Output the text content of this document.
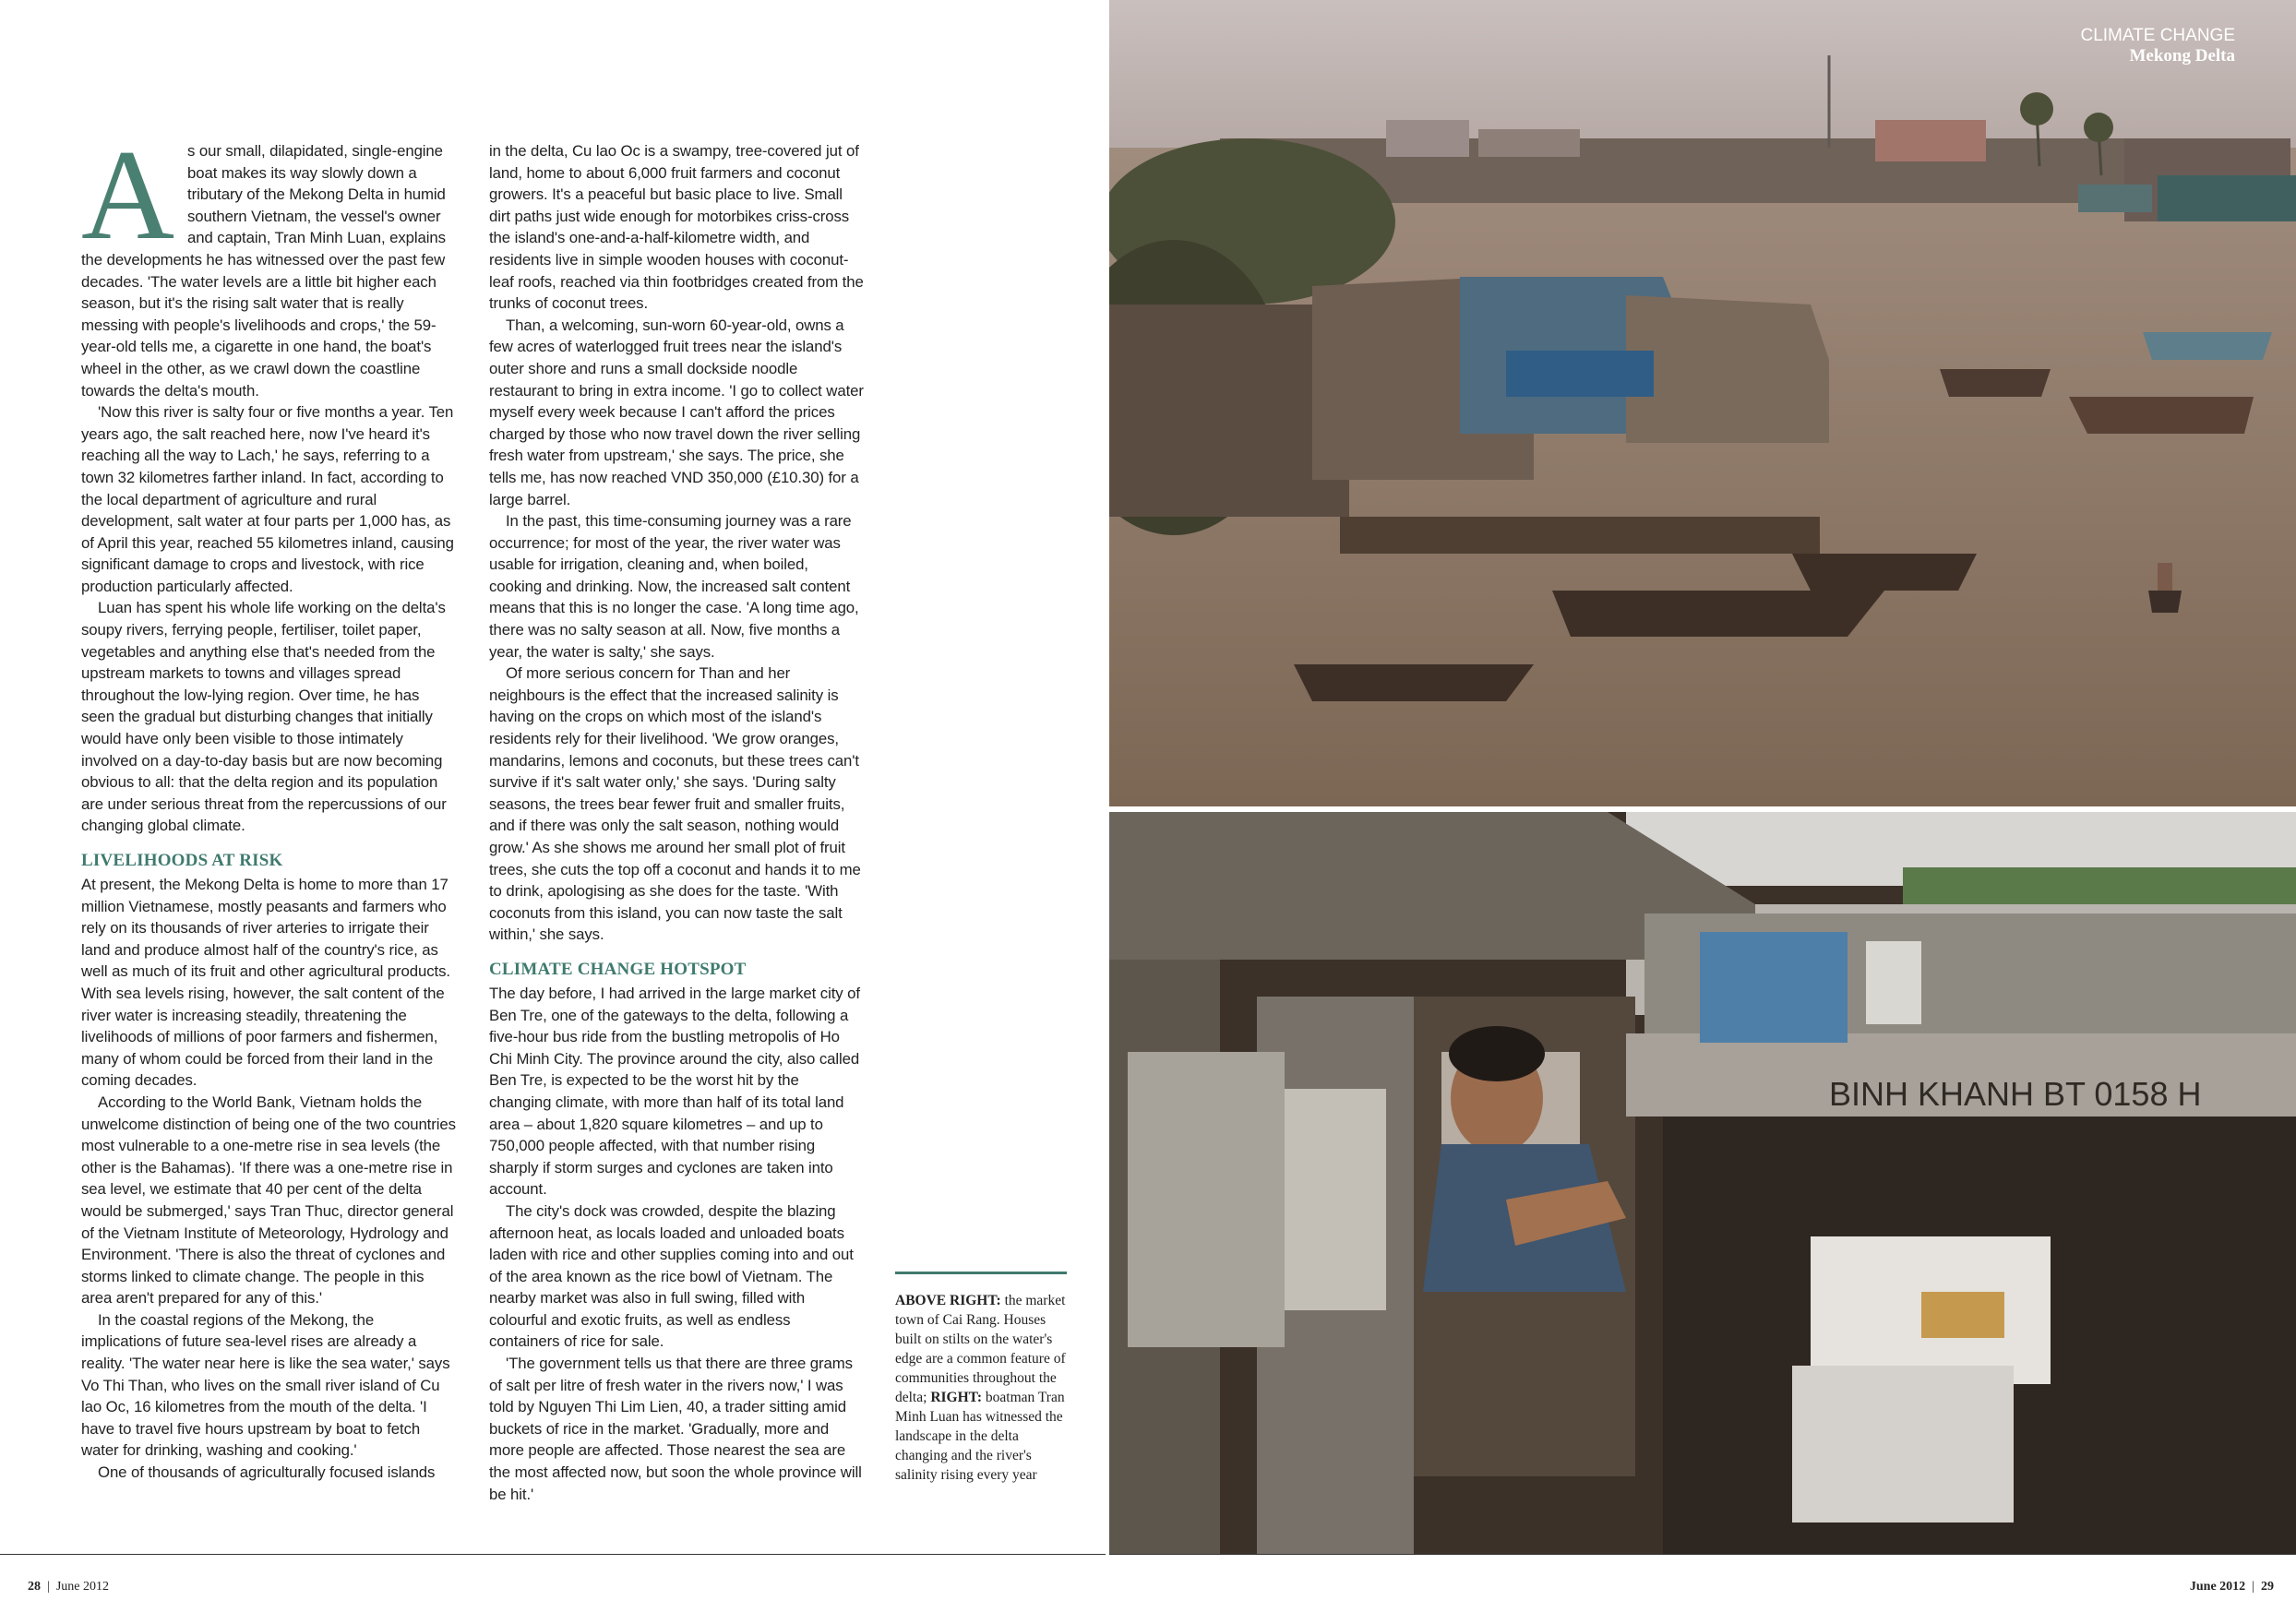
A s our small, dilapidated, single-engine boat makes its way slowly down a tributary of the Mekong Delta in humid southern Vietnam, the vessel's owner and captain, Tran Minh Luan, explains the developments he has witnessed over the past few decades. 'The water levels are a little bit higher each season, but it's the rising salt water that is really messing with people's livelihoods and crops,' the 59-year-old tells me, a cigarette in one hand, the boat's wheel in the other, as we crawl down the coastline towards the delta's mouth.

'Now this river is salty four or five months a year. Ten years ago, the salt reached here, now I've heard it's reaching all the way to Lach,' he says, referring to a town 32 kilometres farther inland. In fact, according to the local department of agriculture and rural development, salt water at four parts per 1,000 has, as of April this year, reached 55 kilometres inland, causing significant damage to crops and livestock, with rice production particularly affected.

Luan has spent his whole life working on the delta's soupy rivers, ferrying people, fertiliser, toilet paper, vegetables and anything else that's needed from the upstream markets to towns and villages spread throughout the low-lying region. Over time, he has seen the gradual but disturbing changes that initially would have only been visible to those intimately involved on a day-to-day basis but are now becoming obvious to all: that the delta region and its population are under serious threat from the repercussions of our changing global climate.

LIVELIHOODS AT RISK

At present, the Mekong Delta is home to more than 17 million Vietnamese, mostly peasants and farmers who rely on its thousands of river arteries to irrigate their land and produce almost half of the country's rice, as well as much of its fruit and other agricultural products. With sea levels rising, however, the salt content of the river water is increasing steadily, threatening the livelihoods of millions of poor farmers and fishermen, many of whom could be forced from their land in the coming decades.

According to the World Bank, Vietnam holds the unwelcome distinction of being one of the two countries most vulnerable to a one-metre rise in sea levels (the other is the Bahamas). 'If there was a one-metre rise in sea level, we estimate that 40 per cent of the delta would be submerged,' says Tran Thuc, director general of the Vietnam Institute of Meteorology, Hydrology and Environment. 'There is also the threat of cyclones and storms linked to climate change. The people in this area aren't prepared for any of this.'

In the coastal regions of the Mekong, the implications of future sea-level rises are already a reality. 'The water near here is like the sea water,' says Vo Thi Than, who lives on the small river island of Cu lao Oc, 16 kilometres from the mouth of the delta. 'I have to travel five hours upstream by boat to fetch water for drinking, washing and cooking.'

One of thousands of agriculturally focused islands

in the delta, Cu lao Oc is a swampy, tree-covered jut of land, home to about 6,000 fruit farmers and coconut growers. It's a peaceful but basic place to live. Small dirt paths just wide enough for motorbikes criss-cross the island's one-and-a-half-kilometre width, and residents live in simple wooden houses with coconut-leaf roofs, reached via thin footbridges created from the trunks of coconut trees.

Than, a welcoming, sun-worn 60-year-old, owns a few acres of waterlogged fruit trees near the island's outer shore and runs a small dockside noodle restaurant to bring in extra income. 'I go to collect water myself every week because I can't afford the prices charged by those who now travel down the river selling fresh water from upstream,' she says. The price, she tells me, has now reached VND 350,000 (£10.30) for a large barrel.

In the past, this time-consuming journey was a rare occurrence; for most of the year, the river water was usable for irrigation, cleaning and, when boiled, cooking and drinking. Now, the increased salt content means that this is no longer the case. 'A long time ago, there was no salty season at all. Now, five months a year, the water is salty,' she says.

Of more serious concern for Than and her neighbours is the effect that the increased salinity is having on the crops on which most of the island's residents rely for their livelihood. 'We grow oranges, mandarins, lemons and coconuts, but these trees can't survive if it's salt water only,' she says. 'During salty seasons, the trees bear fewer fruit and smaller fruits, and if there was only the salt season, nothing would grow.' As she shows me around her small plot of fruit trees, she cuts the top off a coconut and hands it to me to drink, apologising as she does for the taste. 'With coconuts from this island, you can now taste the salt within,' she says.

CLIMATE CHANGE HOTSPOT

The day before, I had arrived in the large market city of Ben Tre, one of the gateways to the delta, following a five-hour bus ride from the bustling metropolis of Ho Chi Minh City. The province around the city, also called Ben Tre, is expected to be the worst hit by the changing climate, with more than half of its total land area – about 1,820 square kilometres – and up to 750,000 people affected, with that number rising sharply if storm surges and cyclones are taken into account.

The city's dock was crowded, despite the blazing afternoon heat, as locals loaded and unloaded boats laden with rice and other supplies coming into and out of the area known as the rice bowl of Vietnam. The nearby market was also in full swing, filled with colourful and exotic fruits, as well as endless containers of rice for sale.

'The government tells us that there are three grams of salt per litre of fresh water in the rivers now,' I was told by Nguyen Thi Lim Lien, 40, a trader sitting amid buckets of rice in the market. 'Gradually, more and more people are affected. Those nearest the sea are the most affected now, but soon the whole province will be hit.'

ABOVE RIGHT: the market town of Cai Rang. Houses built on stilts on the water's edge are a common feature of communities throughout the delta; RIGHT: boatman Tran Minh Luan has witnessed the landscape in the delta changing and the river's salinity rising every year
28 | June 2012	June 2012 | 29
CLIMATE CHANGE
Mekong Delta
BINH KHANH BT 0158 H
